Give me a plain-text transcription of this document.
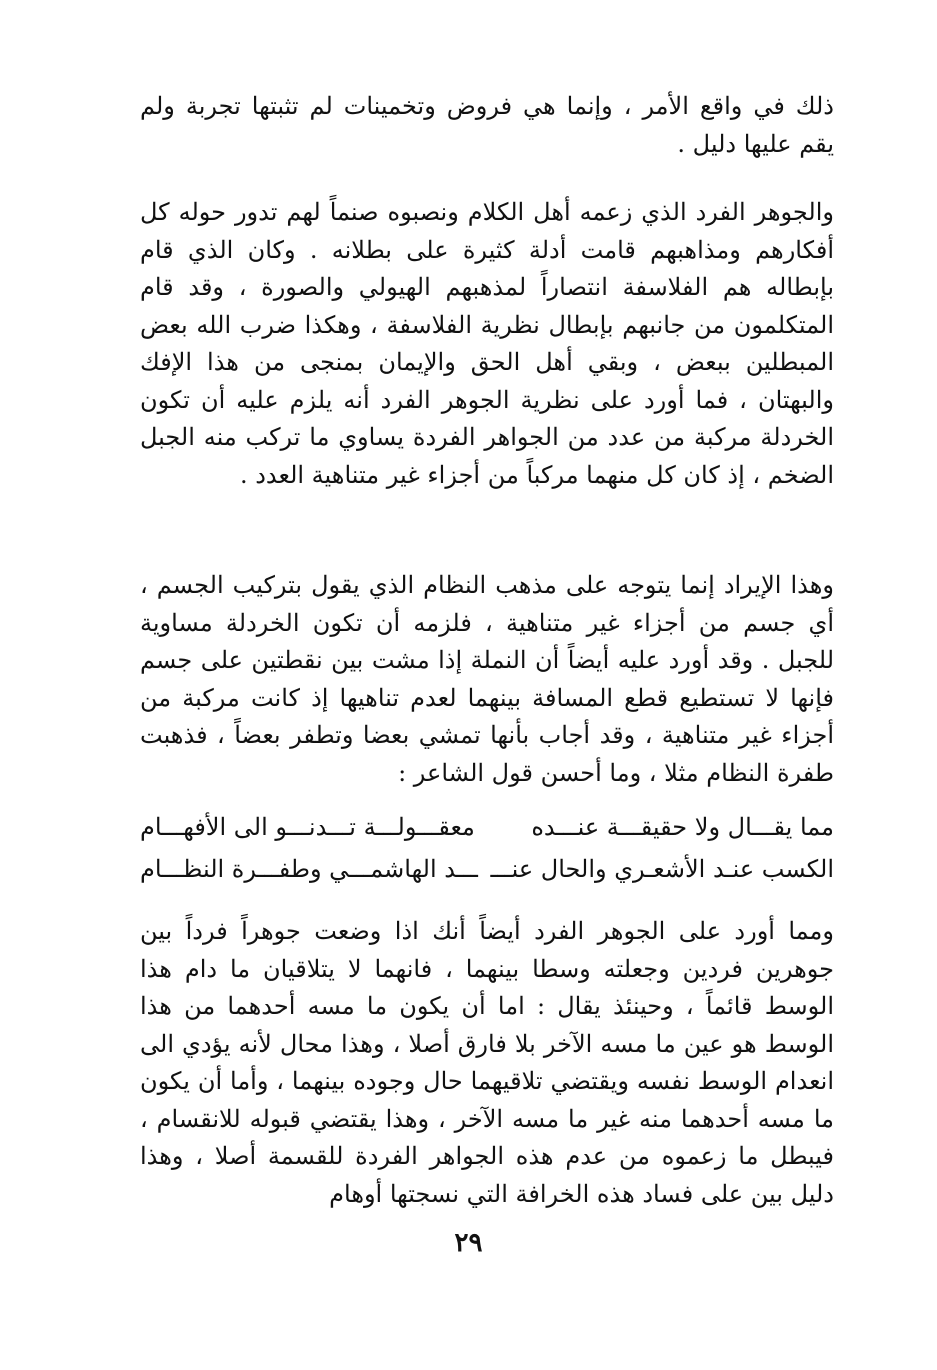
ذلك في واقع الأمر ، وإنما هي فروض وتخمينات لم تثبتها تجربة ولم يقم عليها دليل .

والجوهر الفرد الذي زعمه أهل الكلام ونصبوه صنماً لهم تدور حوله كل أفكارهم ومذاهبهم قامت أدلة كثيرة على بطلانه . وكان الذي قام بإبطاله هم الفلاسفة انتصاراً لمذهبهم الهيولي والصورة ، وقد قام المتكلمون من جانبهم بإبطال نظرية الفلاسفة ، وهكذا ضرب الله بعض المبطلين ببعض ، وبقي أهل الحق والإيمان بمنجى من هذا الإفك والبهتان ، فما أورد على نظرية الجوهر الفرد أنه يلزم عليه أن تكون الخردلة مركبة من عدد من الجواهر الفردة يساوي ما تركب منه الجبل الضخم ، إذ كان كل منهما مركباً من أجزاء غير متناهية العدد .

وهذا الإيراد إنما يتوجه على مذهب النظام الذي يقول بتركيب الجسم ، أي جسم من أجزاء غير متناهية ، فلزمه أن تكون الخردلة مساوية للجبل . وقد أورد عليه أيضاً أن النملة إذا مشت بين نقطتين على جسم فإنها لا تستطيع قطع المسافة بينهما لعدم تناهيها إذ كانت مركبة من أجزاء غير متناهية ، وقد أجاب بأنها تمشي بعضا وتطفر بعضاً ، فذهبت طفرة النظام مثلا ، وما أحسن قول الشاعر :

مما يقـــال ولا حقيقـــة عنـــده
معقـــولـــة تـــدنـــو الى الأفهـــام
الكسب عنـد الأشعـري والحال عنـــ
ـــد الهاشمـــي وطفـــرة النظـــام

ومما أورد على الجوهر الفرد أيضاً أنك اذا وضعت جوهراً فرداً بين جوهرين فردين وجعلته وسطا بينهما ، فانهما لا يتلاقيان ما دام هذا الوسط قائماً ، وحينئذ يقال : اما أن يكون ما مسه أحدهما من هذا الوسط هو عين ما مسه الآخر بلا فارق أصلا ، وهذا محال لأنه يؤدي الى انعدام الوسط نفسه ويقتضي تلاقيهما حال وجوده بينهما ، وأما أن يكون ما مسه أحدهما منه غير ما مسه الآخر ، وهذا يقتضي قبوله للانقسام ، فيبطل ما زعموه من عدم هذه الجواهر الفردة للقسمة أصلا ، وهذا دليل بين على فساد هذه الخرافة التي نسجتها أوهام

٢٩
